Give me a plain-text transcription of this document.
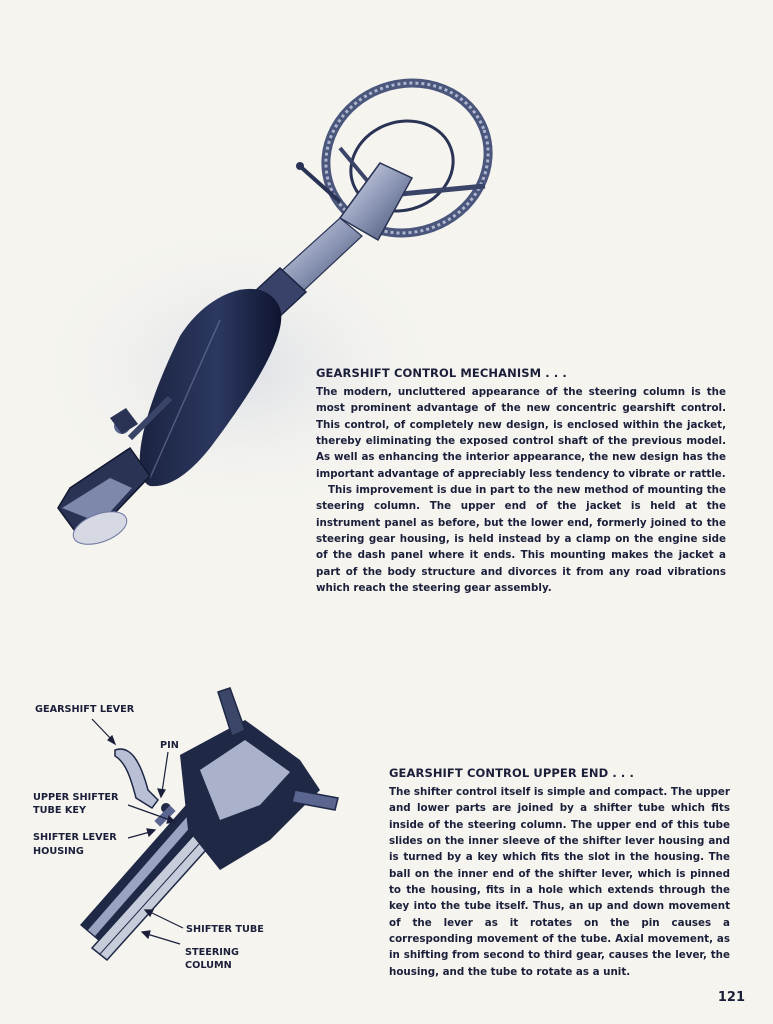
GEARSHIFT CONTROL MECHANISM . . .

The modern, uncluttered appearance of the steering column is the most prominent advantage of the new concentric gearshift control. This control, of completely new design, is enclosed within the jacket, thereby eliminating the exposed control shaft of the previous model. As well as enhancing the interior appearance, the new design has the important advantage of appreciably less tendency to vibrate or rattle.

This improvement is due in part to the new method of mounting the steering column. The upper end of the jacket is held at the instrument panel as before, but the lower end, formerly joined to the steering gear housing, is held instead by a clamp on the engine side of the dash panel where it ends. This mounting makes the jacket a part of the body structure and divorces it from any road vibrations which reach the steering gear assembly.

GEARSHIFT LEVER
PIN
UPPER SHIFTER
TUBE KEY
SHIFTER LEVER
HOUSING
SHIFTER TUBE
STEERING
COLUMN

GEARSHIFT CONTROL UPPER END . . .

The shifter control itself is simple and compact. The upper and lower parts are joined by a shifter tube which fits inside of the steering column. The upper end of this tube slides on the inner sleeve of the shifter lever housing and is turned by a key which fits the slot in the housing. The ball on the inner end of the shifter lever, which is pinned to the housing, fits in a hole which extends through the key into the tube itself. Thus, an up and down movement of the lever as it rotates on the pin causes a corresponding movement of the tube. Axial movement, as in shifting from second to third gear, causes the lever, the housing, and the tube to rotate as a unit.

121
